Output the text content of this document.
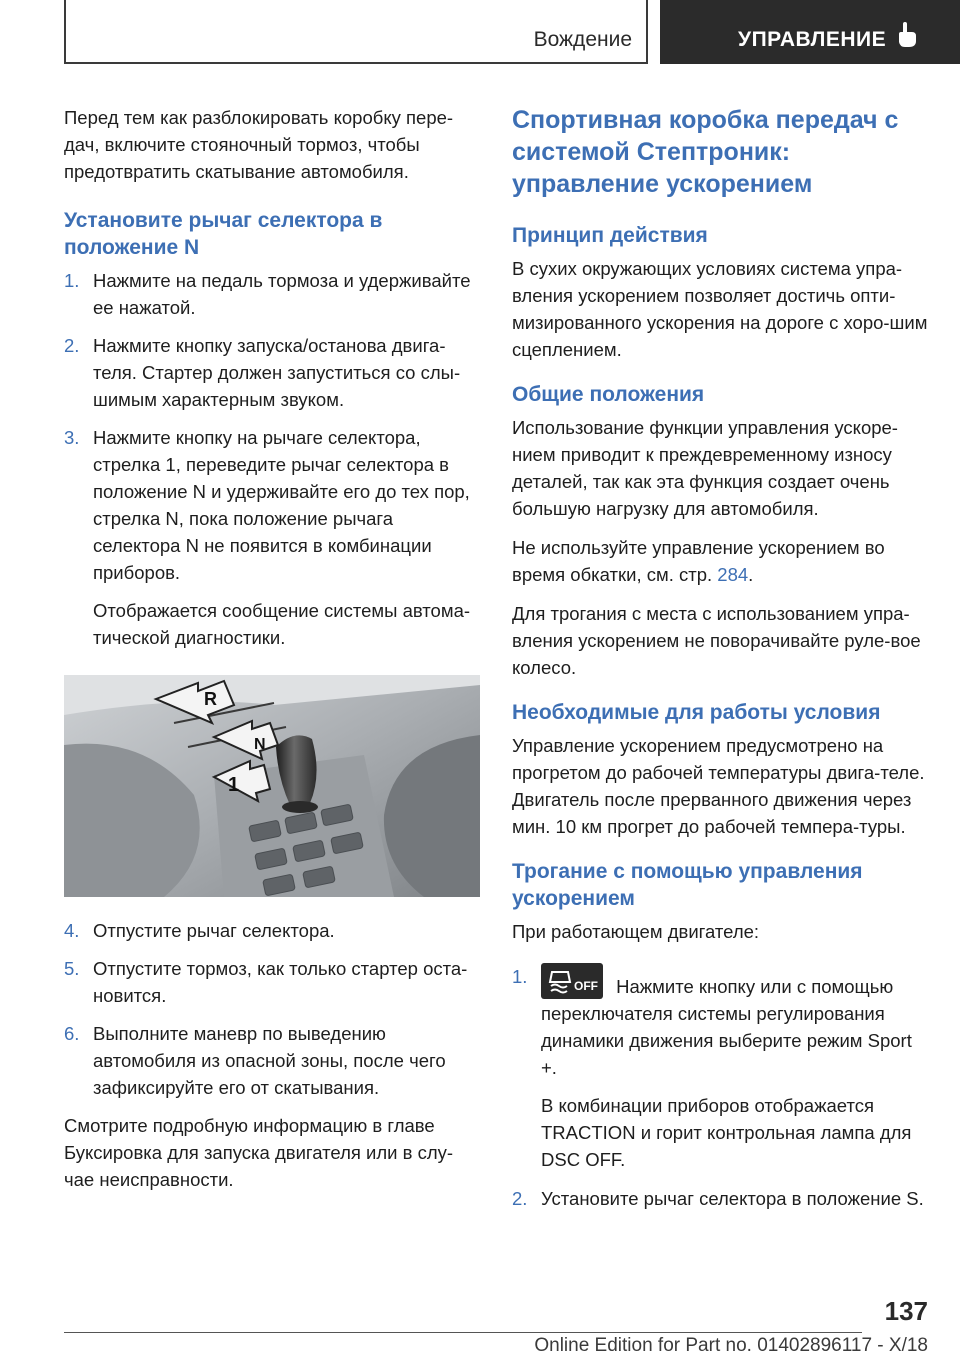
Вождение	УПРАВЛЕНИЕ

Перед тем как разблокировать коробку пере-дач, включите стояночный тормоз, чтобы предотвратить скатывание автомобиля.

Установите рычаг селектора в положение N
1. Нажмите на педаль тормоза и удерживайте ее нажатой.
2. Нажмите кнопку запуска/останова двига-теля. Стартер должен запуститься со слы-шимым характерным звуком.
3. Нажмите кнопку на рычаге селектора, стрелка 1, переведите рычаг селектора в положение N и удерживайте его до тех пор, стрелка N, пока положение рычага селектора N не появится в комбинации приборов.

Отображается сообщение системы автома-тической диагностики.

R
N
1
4. Отпустите рычаг селектора.
5. Отпустите тормоз, как только стартер оста-новится.
6. Выполните маневр по выведению автомобиля из опасной зоны, после чего зафиксируйте его от скатывания.

Смотрите подробную информацию в главе Буксировка для запуска двигателя или в слу-чае неисправности.

Спортивная коробка передач с системой Стептроник: управление ускорением
Принцип действия

В сухих окружающих условиях система упра-вления ускорением позволяет достичь опти-мизированного ускорения на дороге с хоро-шим сцеплением.

Общие положения

Использование функции управления ускоре-нием приводит к преждевременному износу деталей, так как эта функция создает очень большую нагрузку для автомобиля.

Не используйте управление ускорением во время обкатки, см. стр. 284.

Для трогания с места с использованием упра-вления ускорением не поворачивайте руле-вое колесо.

Необходимые для работы условия

Управление ускорением предусмотрено на прогретом до рабочей температуры двига-теле. Двигатель после прерванного движения через мин. 10 км прогрет до рабочей темпера-туры.

Трогание с помощью управления ускорением

При работающем двигателе:

1.	OFF Нажмите кнопку или с помощью переключателя системы регулирования динамики движения выберите режим Sport +.

В комбинации приборов отображается TRACTION и горит контрольная лампа для DSC OFF.

2. Установите рычаг селектора в положение S.
137
Online Edition for Part no. 01402896117 - X/18
